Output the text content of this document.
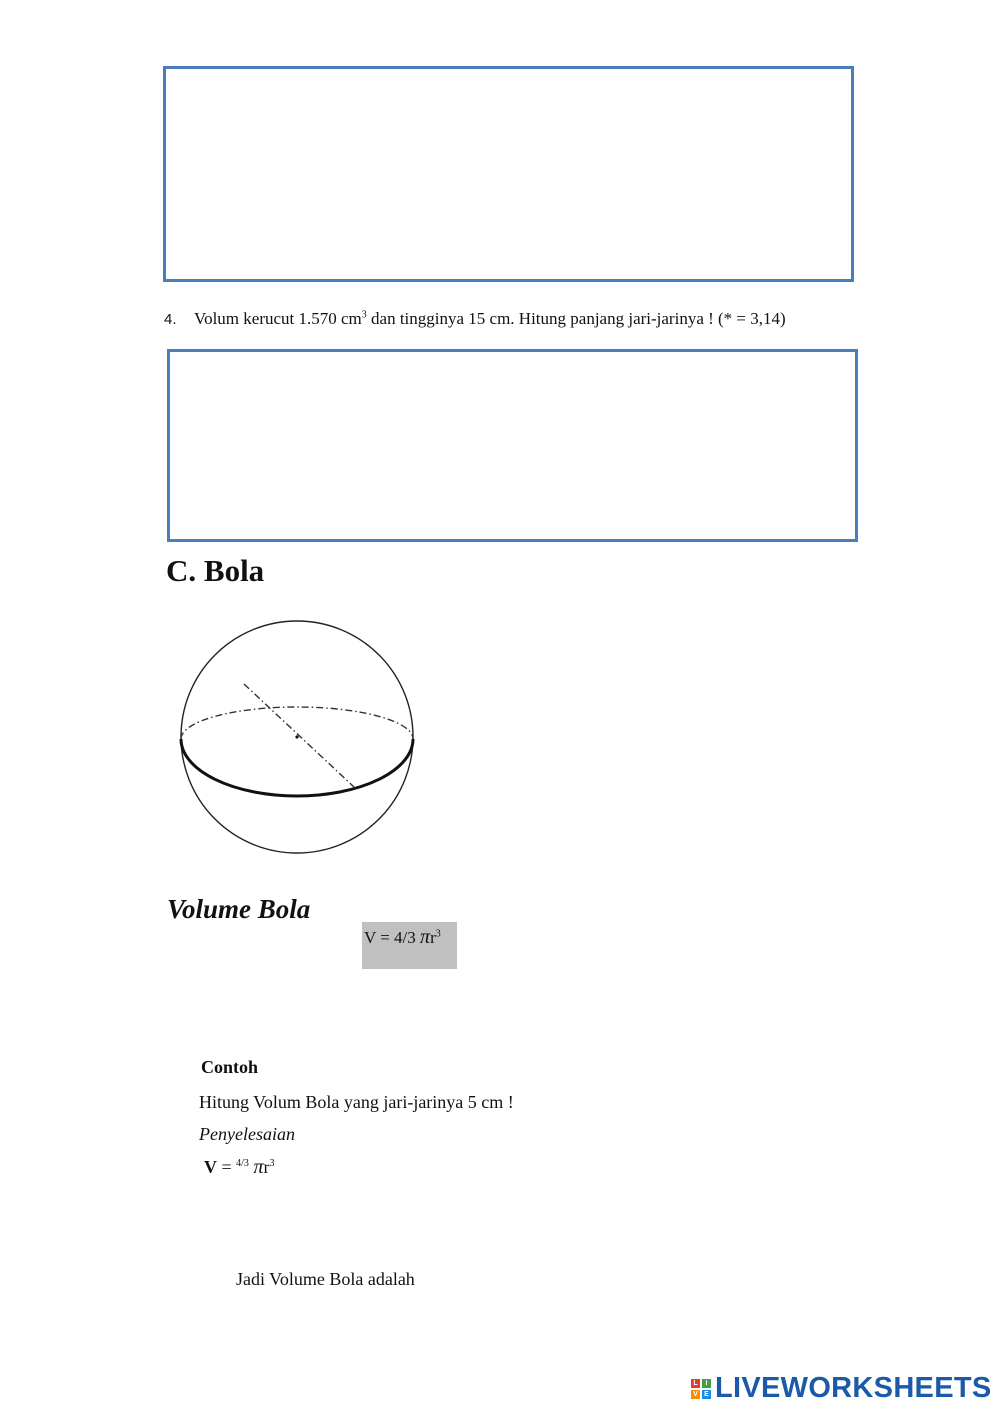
4. Volum kerucut 1.570 $cm^3$ dan tingginya 15 cm. Hitung panjang jari-jarinya ! (* = 3,14)
C. Bola
Volume Bola
V = 4/3 $\pi r^3$
Contoh
Hitung Volum Bola yang jari-jarinya 5 cm !
Penyelesaian
V = $^{4/3}$ $\pi r^3$
Jadi Volume Bola adalah
L	I
V E LIVEWORKSHEETS
